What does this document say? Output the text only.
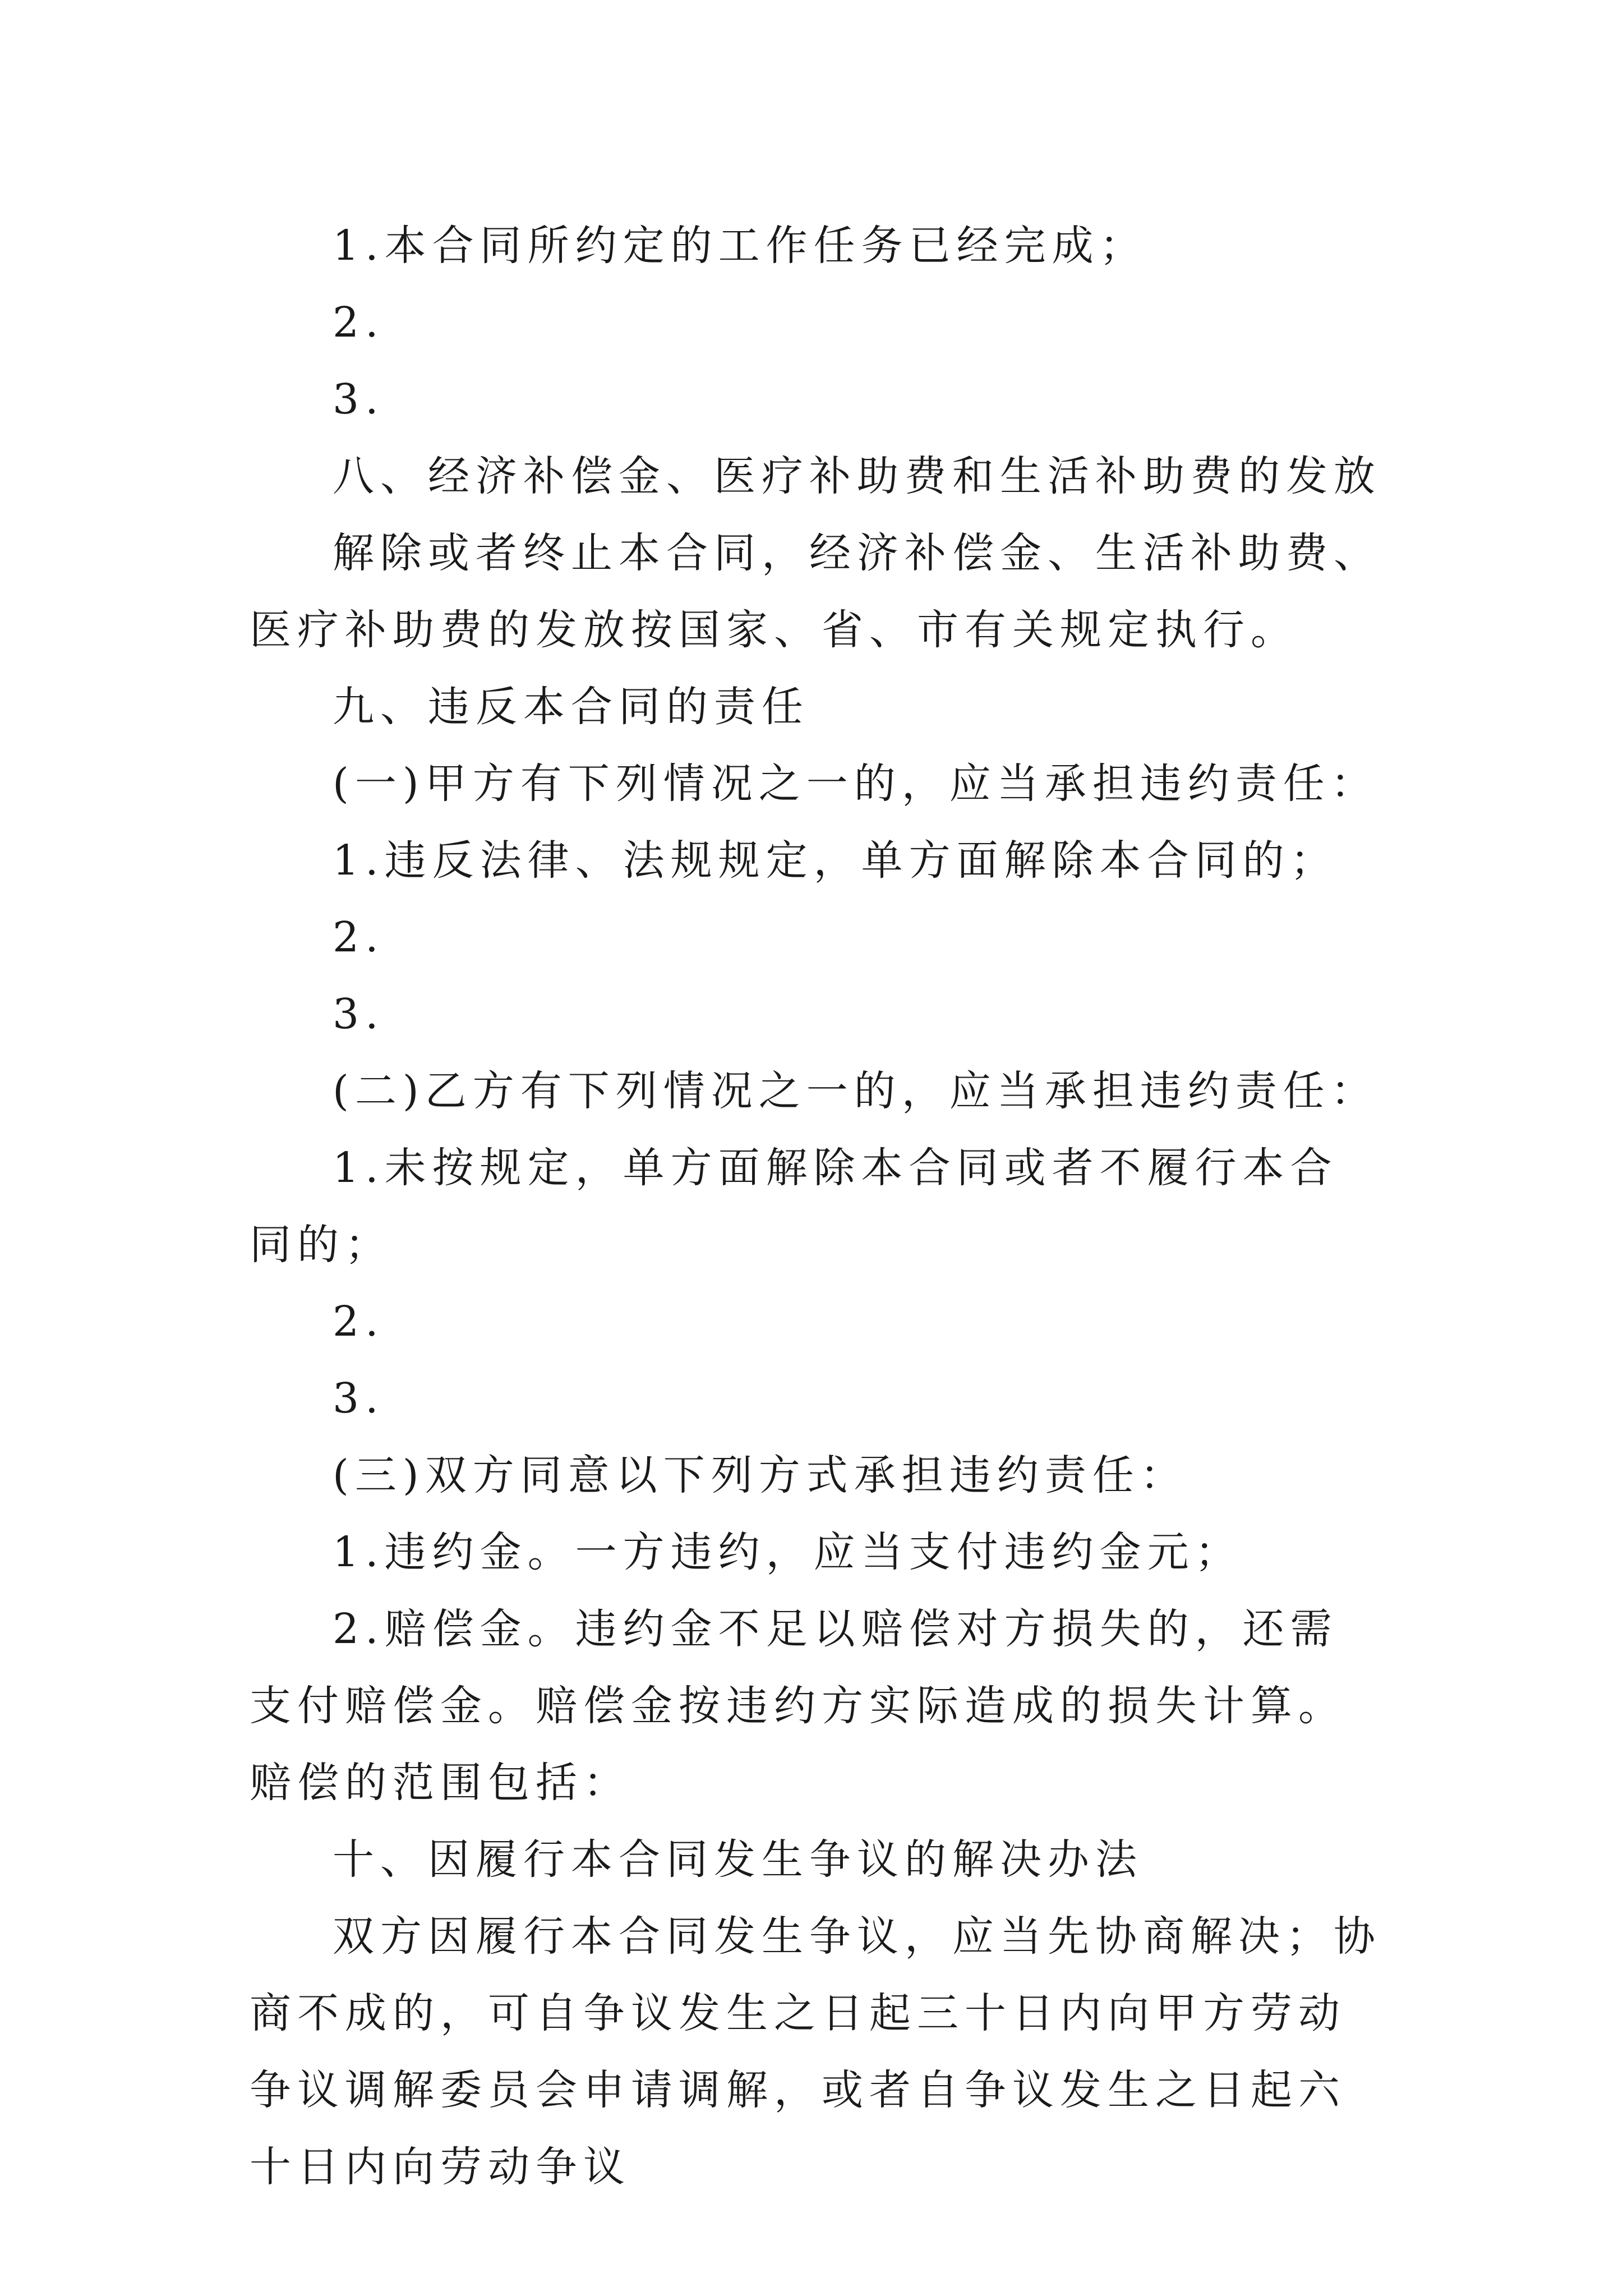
1.本合同所约定的工作任务已经完成；

2.

3.

八、经济补偿金、医疗补助费和生活补助费的发放

解除或者终止本合同，经济补偿金、生活补助费、医疗补助费的发放按国家、省、市有关规定执行。

九、违反本合同的责任

(一)甲方有下列情况之一的，应当承担违约责任：

1.违反法律、法规规定，单方面解除本合同的；

2.

3.

(二)乙方有下列情况之一的，应当承担违约责任：

1.未按规定，单方面解除本合同或者不履行本合同的；

2.

3.

(三)双方同意以下列方式承担违约责任：

1.违约金。一方违约，应当支付违约金元；

2.赔偿金。违约金不足以赔偿对方损失的，还需支付赔偿金。赔偿金按违约方实际造成的损失计算。赔偿的范围包括：

十、因履行本合同发生争议的解决办法

双方因履行本合同发生争议，应当先协商解决；协商不成的，可自争议发生之日起三十日内向甲方劳动争议调解委员会申请调解，或者自争议发生之日起六十日内向劳动争议
